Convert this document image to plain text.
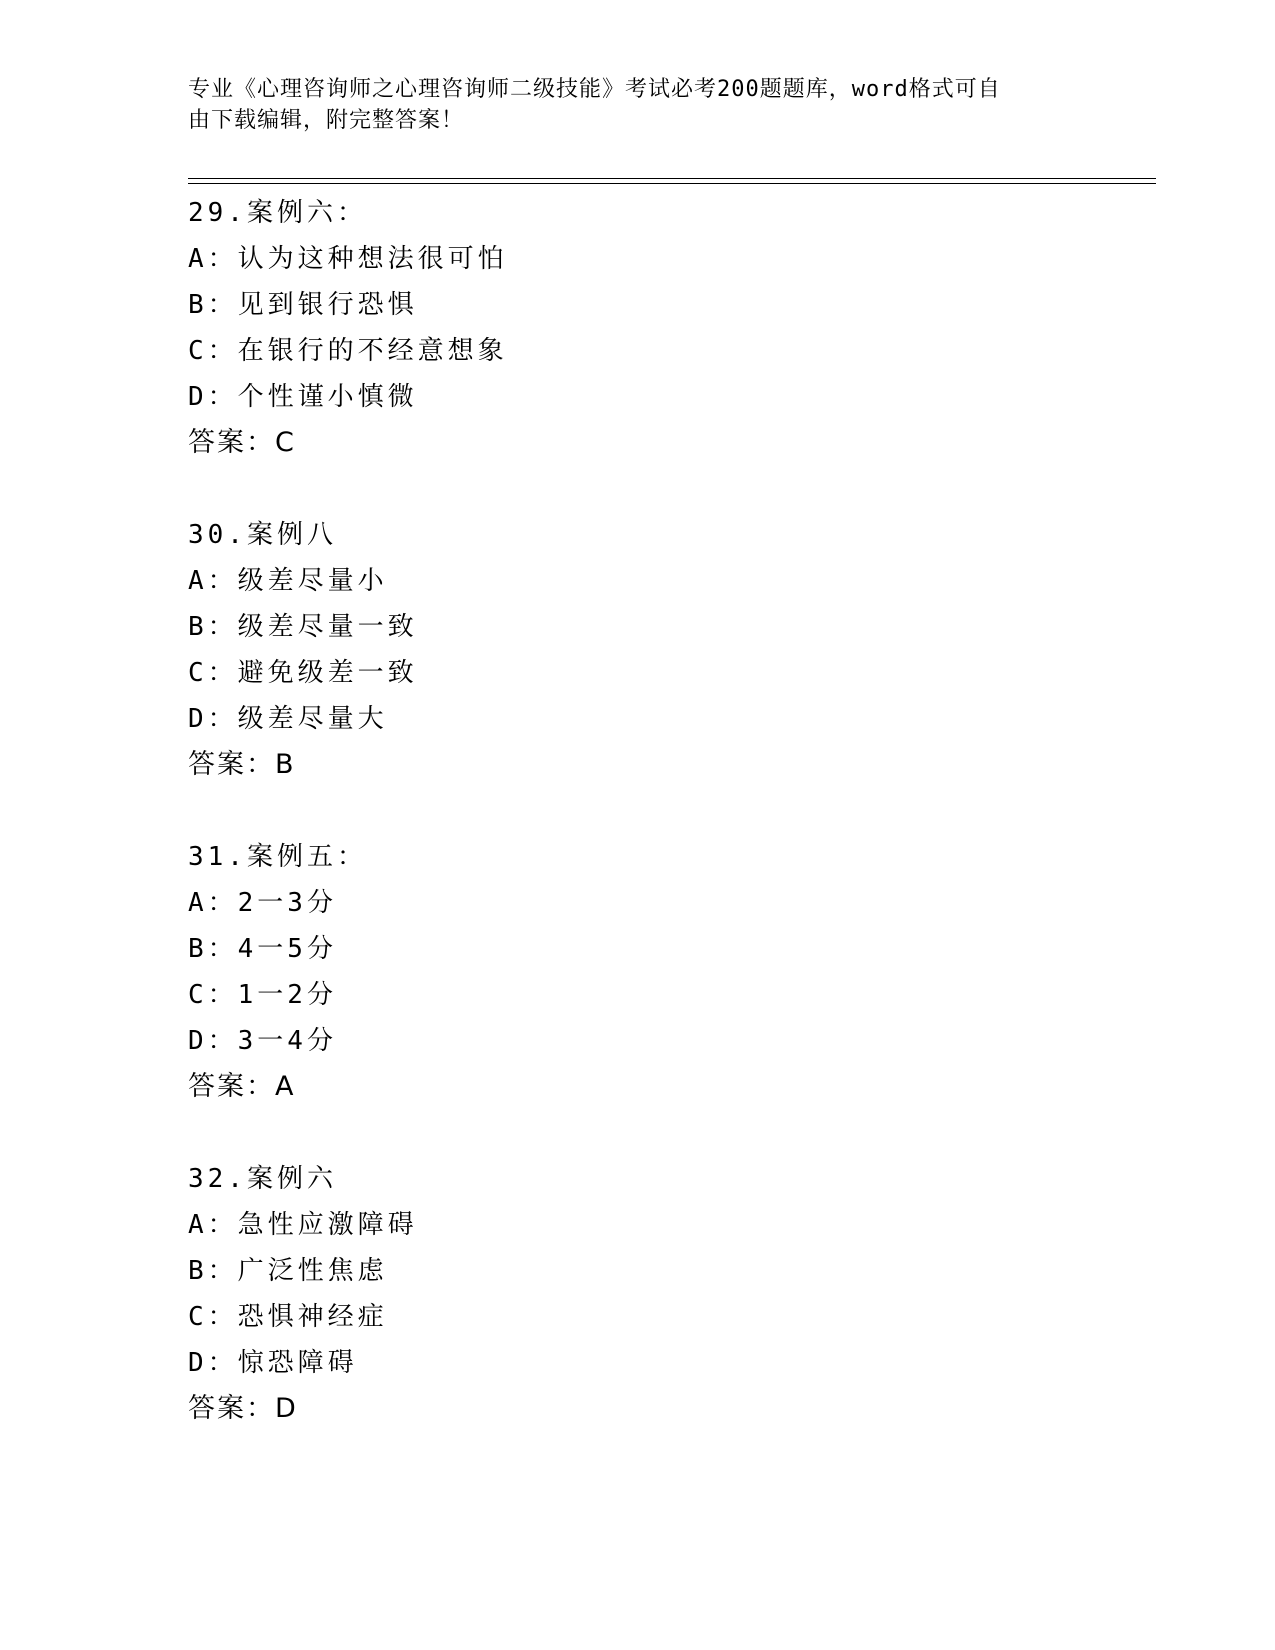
专业《心理咨询师之心理咨询师二级技能》考试必考200题题库，word格式可自
由下载编辑，附完整答案！
29.案例六：
A：认为这种想法很可怕
B：见到银行恐惧
C：在银行的不经意想象
D：个性谨小慎微
答案：C
30.案例八
A：级差尽量小
B：级差尽量一致
C：避免级差一致
D：级差尽量大
答案：B
31.案例五：
A：2一3分
B：4一5分
C：1一2分
D：3一4分
答案：A
32.案例六
A：急性应激障碍
B：广泛性焦虑
C：恐惧神经症
D：惊恐障碍
答案：D
